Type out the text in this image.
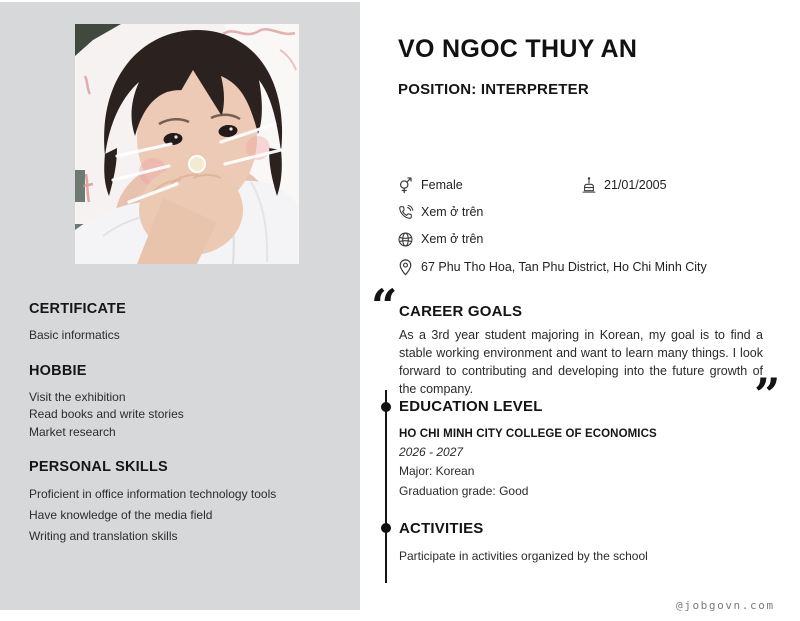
CERTIFICATE
Basic informatics
HOBBIE
Visit the exhibition
Read books and write stories
Market research
PERSONAL SKILLS
Proficient in office information technology tools
Have knowledge of the media field
Writing and translation skills
VO NGOC THUY AN
POSITION: INTERPRETER
Female	21/01/2005
Xem ở trên
Xem ở trên
67 Phu Tho Hoa, Tan Phu District, Ho Chi Minh City
“ CAREER GOALS
As a 3rd year student majoring in Korean, my goal is to find a stable working environment and want to learn many things. I look forward to contributing and developing into the future growth of the company.	”
EDUCATION LEVEL
HO CHI MINH CITY COLLEGE OF ECONOMICS
2026 - 2027
Major: Korean
Graduation grade: Good
ACTIVITIES
Participate in activities organized by the school
@jobgovn.com
